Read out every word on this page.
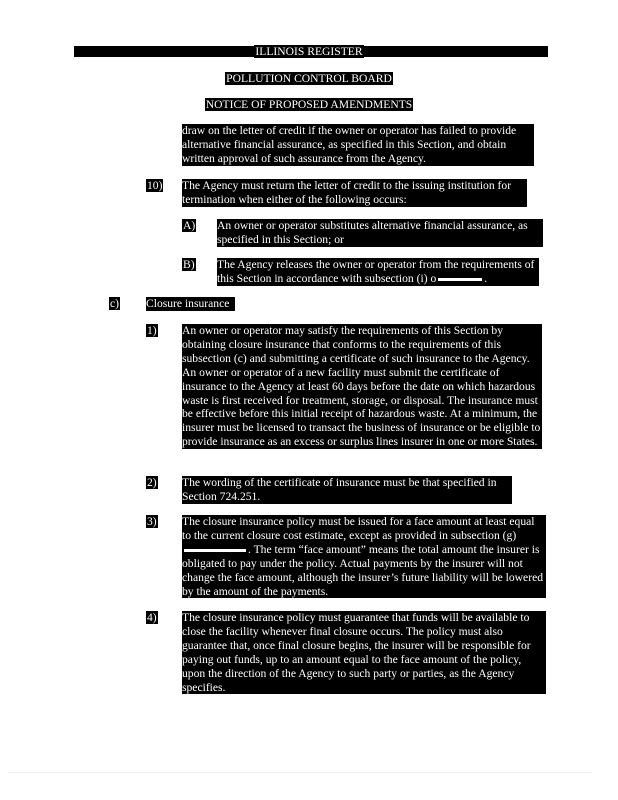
ILLINOIS REGISTER
POLLUTION CONTROL BOARD
NOTICE OF PROPOSED AMENDMENTS
draw on the letter of credit if the owner or operator has failed to provide alternative financial assurance, as specified in this Section, and obtain written approval of such assurance from the Agency.
10) The Agency must return the letter of credit to the issuing institution for termination when either of the following occurs:
A) An owner or operator substitutes alternative financial assurance, as specified in this Section; or
B) The Agency releases the owner or operator from the requirements of this Section in accordance with subsection (i) o	.
c) Closure insurance
1) An owner or operator may satisfy the requirements of this Section by obtaining closure insurance that conforms to the requirements of this subsection (c) and submitting a certificate of such insurance to the Agency. An owner or operator of a new facility must submit the certificate of insurance to the Agency at least 60 days before the date on which hazardous waste is first received for treatment, storage, or disposal. The insurance must be effective before this initial receipt of hazardous waste. At a minimum, the insurer must be licensed to transact the business of insurance or be eligible to provide insurance as an excess or surplus lines insurer in one or more States.
2) The wording of the certificate of insurance must be that specified in Section 724.251.
3) The closure insurance policy must be issued for a face amount at least equal to the current closure cost estimate, except as provided in subsection (g). The term “face amount” means the total amount the insurer is obligated to pay under the policy. Actual payments by the insurer will not change the face amount, although the insurer’s future liability will be lowered by the amount of the payments.
4) The closure insurance policy must guarantee that funds will be available to close the facility whenever final closure occurs. The policy must also guarantee that, once final closure begins, the insurer will be responsible for paying out funds, up to an amount equal to the face amount of the policy, upon the direction of the Agency to such party or parties, as the Agency specifies.
